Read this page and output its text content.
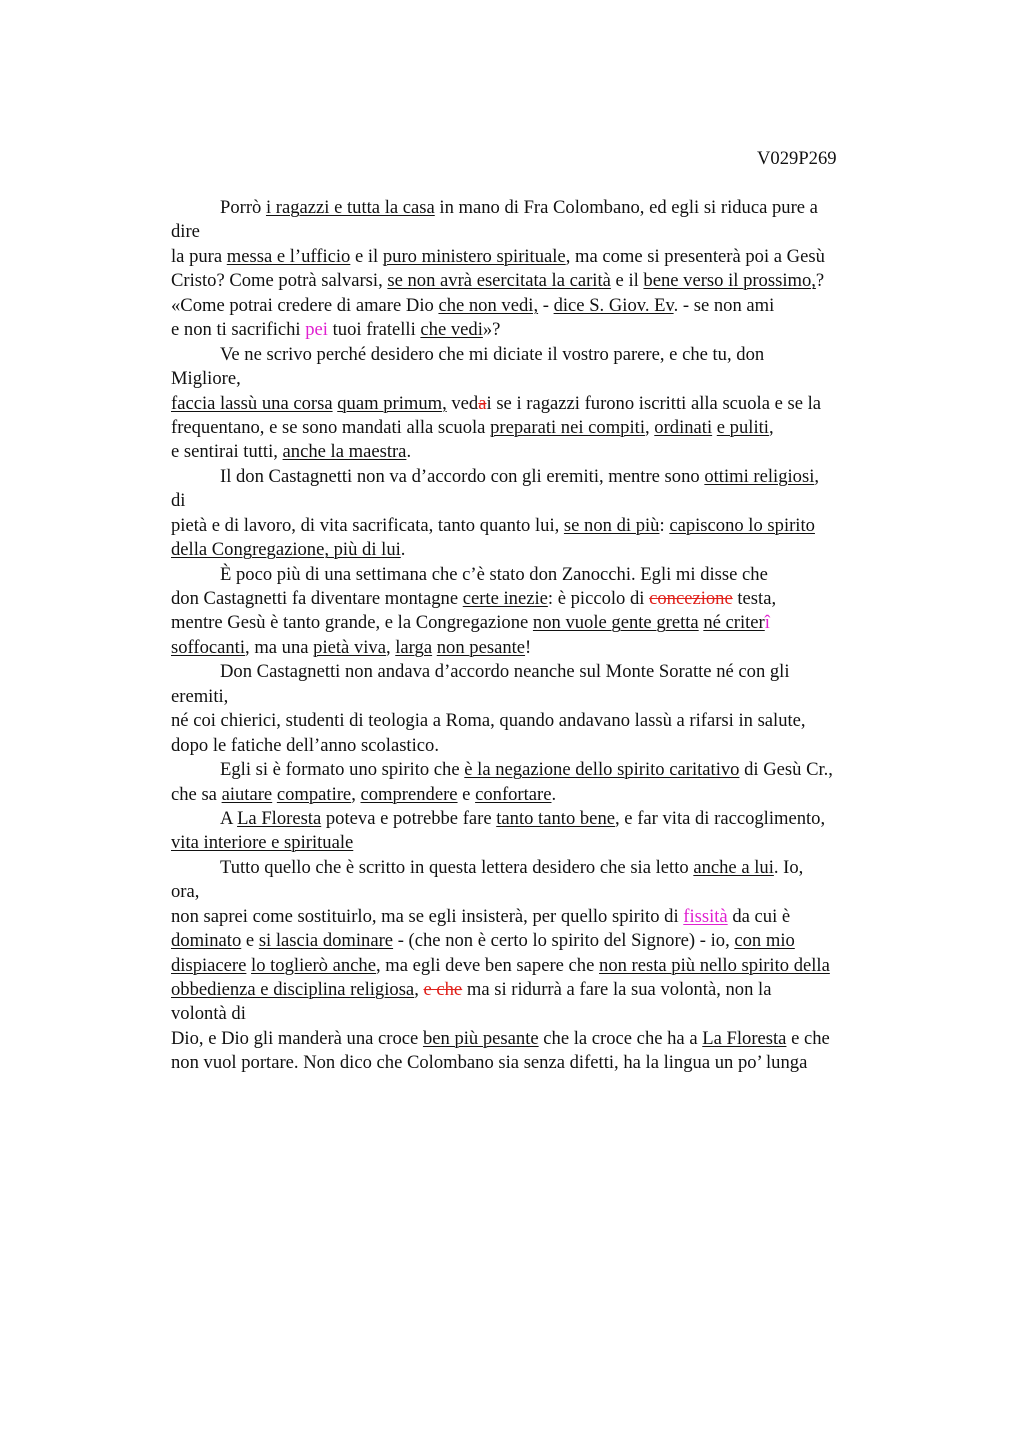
V029P269
Porrò i ragazzi e tutta la casa in mano di Fra Colombano, ed egli si riduca pure a
dire
la pura messa e l’ufficio e il puro ministero spirituale, ma come si presenterà poi a Gesù
Cristo? Come potrà salvarsi, se non avrà esercitata la carità e il bene verso il prossimo,?
«Come potrai credere di amare Dio che non vedi, - dice S. Giov. Ev. - se non ami
e non ti sacrifichi pei tuoi fratelli che vedi»?
Ve ne scrivo perché desidero che mi diciate il vostro parere, e che tu, don
Migliore,
faccia lassù una corsa quam primum, vedai se i ragazzi furono iscritti alla scuola e se la
frequentano, e se sono mandati alla scuola preparati nei compiti, ordinati e puliti,
e sentirai tutti, anche la maestra.
Il don Castagnetti non va d’accordo con gli eremiti, mentre sono ottimi religiosi,
di
pietà e di lavoro, di vita sacrificata, tanto quanto lui, se non di più: capiscono lo spirito
della Congregazione, più di lui.
È poco più di una settimana che c’è stato don Zanocchi. Egli mi disse che
don Castagnetti fa diventare montagne certe inezie: è piccolo di concezione testa,
mentre Gesù è tanto grande, e la Congregazione non vuole gente gretta né criterî
soffocanti, ma una pietà viva, larga non pesante!
Don Castagnetti non andava d’accordo neanche sul Monte Soratte né con gli
eremiti,
né coi chierici, studenti di teologia a Roma, quando andavano lassù a rifarsi in salute,
dopo le fatiche dell’anno scolastico.
Egli si è formato uno spirito che è la negazione dello spirito caritativo di Gesù Cr.,
che sa aiutare compatire, comprendere e confortare.
A La Floresta poteva e potrebbe fare tanto tanto bene, e far vita di raccoglimento,
vita interiore e spirituale
Tutto quello che è scritto in questa lettera desidero che sia letto anche a lui. Io,
ora,
non saprei come sostituirlo, ma se egli insisterà, per quello spirito di fissità da cui è
dominato e si lascia dominare - (che non è certo lo spirito del Signore) - io, con mio
dispiacere lo toglierò anche, ma egli deve ben sapere che non resta più nello spirito della
obbedienza e disciplina religiosa, e che ma si ridurrà a fare la sua volontà, non la
volontà di
Dio, e Dio gli manderà una croce ben più pesante che la croce che ha a La Floresta e che
non vuol portare. Non dico che Colombano sia senza difetti, ha la lingua un po’ lunga
